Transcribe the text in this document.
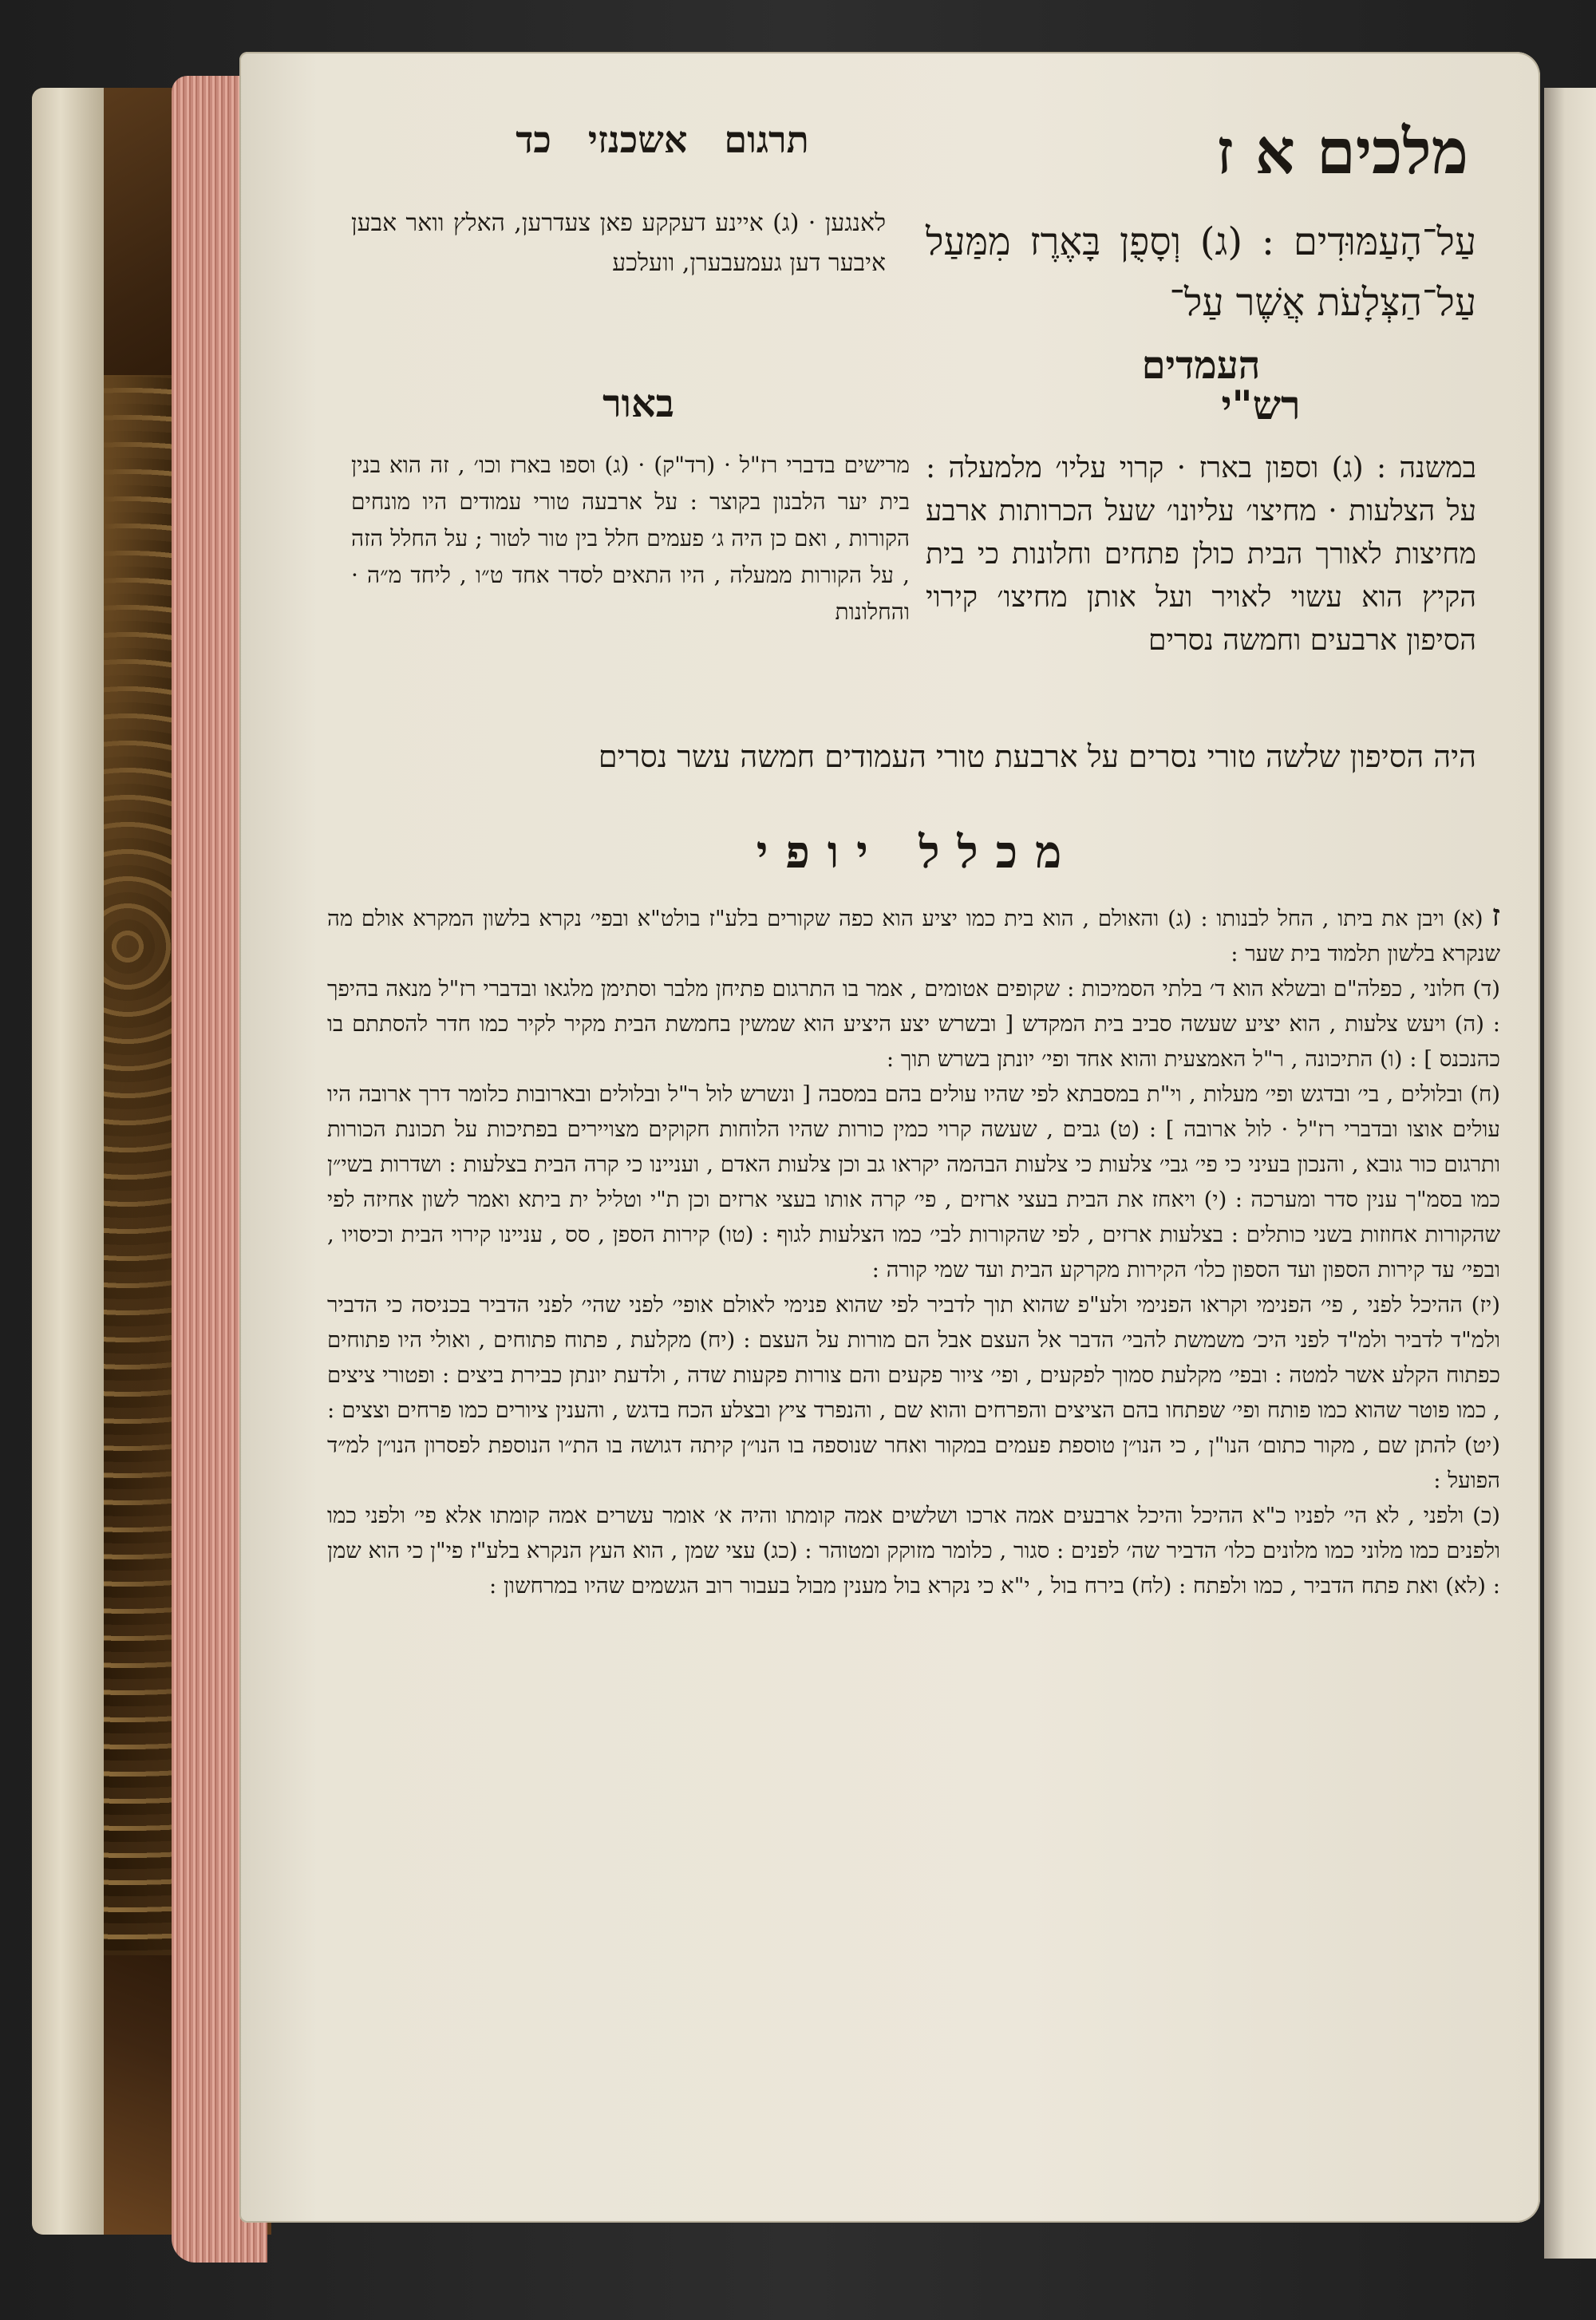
מלכים א ז
תרגום אשכנזי כד
עַל־הָעַמּוּדִים : (ג) וְסָפֻן בָּאֶרֶז מִמַּעַל עַל־הַצְּלָעֹת אֲשֶׁר עַל־
העמדים
לאנגען · (ג) איינע דעקקע פאן צעדרען, האלץ וואר אבען איבער דען געמעבערן, וועלכע
רש"י
באור
במשנה : (ג) וספון בארז · קרוי עליו׳ מלמעלה : על הצלעות · מחיצו׳ עליונו׳ שעל הכרותות ארבע מחיצות לאורך הבית כולן פתחים וחלונות כי בית הקיץ הוא עשוי לאויר ועל אותן מחיצו׳ קירוי הסיפון ארבעים וחמשה נסרים
מרישים בדברי רז"ל · (רד"ק) · (ג) וספו בארז וכו׳ , זה הוא בנין בית יער הלבנון בקוצר : על ארבעה טורי עמודים היו מונחים הקורות , ואם כן היה ג׳ פעמים חלל בין טור לטור ; על החלל הזה , על הקורות ממעלה , היו התאים לסדר אחד ט״ו , ליחד מ״ה · והחלונות
היה הסיפון שלשה טורי נסרים על ארבעת טורי העמודים חמשה עשר נסרים
מכלל יופי

ז (א) ויבן את ביתו , החל לבנותו : (ג) והאולם , הוא בית כמו יציע הוא כפה שקורים בלע"ז בולט"א ובפי׳ נקרא בלשון המקרא אולם מה שנקרא בלשון תלמוד בית שער :

(ד) חלוני , כפלה"ם ובשלא הוא ד׳ בלתי הסמיכות : שקופים אטומים , אמר בו התרגום פתיחן מלבר וסתימן מלגאו ובדברי רז"ל מנאה בהיפך : (ה) ויעש צלעות , הוא יציע שעשה סביב בית המקדש [ ובשרש יצע היציע הוא שמשין בחמשת הבית מקיר לקיר כמו חדר להסתתם בו כהנכנס ] : (ו) התיכונה , ר"ל האמצעית והוא אחד ופי׳ יונתן בשרש תוך :

(ח) ובלולים , בי׳ ובדגש ופי׳ מעלות , וי"ת במסבתא לפי שהיו עולים בהם במסבה [ ונשרש לול ר"ל ובלולים ובארובות כלומר דרך ארובה היו עולים אוצו ובדברי רז"ל · לול ארובה ] : (ט) גבים , שעשה קרוי כמין כורות שהיו הלוחות חקוקים מצויירים בפתיכות על תכונת הכורות ותרגום כור גובא , והנכון בעיני כי פי׳ גבי׳ צלעות כי צלעות הבהמה יקראו גב וכן צלעות האדם , ועניינו כי קרה הבית בצלעות : ושדרות בשי״ן כמו בסמ"ך ענין סדר ומערכה : (י) ויאחז את הבית בעצי ארזים , פי׳ קרה אותו בעצי ארזים וכן ת"י וטליל ית ביתא ואמר לשון אחיזה לפי שהקורות אחוזות בשני כותלים : בצלעות ארזים , לפי שהקורות לבי׳ כמו הצלעות לגוף : (טו) קירות הספן , סס , עניינו קירוי הבית וכיסויו , ובפי׳ עד קירות הספון ועד הספון כלו׳ הקירות מקרקע הבית ועד שמי קורה :

(יז) ההיכל לפני , פי׳ הפנימי וקראו הפנימי ולע"פ שהוא תוך לדביר לפי שהוא פנימי לאולם אופי׳ לפני שהי׳ לפני הדביר בכניסה כי הדביר ולמ"ד לדביר ולמ"ד לפני היכ׳ משמשת להבי׳ הדבר אל העצם אבל הם מורות על העצם : (יח) מקלעת , פתוח פתוחים , ואולי היו פתוחים כפתוח הקלע אשר למטה : ובפי׳ מקלעת סמוך לפקעים , ופי׳ ציור פקעים והם צורות פקעות שדה , ולדעת יונתן כבירת ביצים : ופטורי ציצים , כמו פוטר שהוא כמו פותח ופי׳ שפתחו בהם הציצים והפרחים והוא שם , והנפרד ציץ ובצלע הכח בדגש , והענין ציורים כמו פרחים וצצים : (יט) להתן שם , מקור כתום׳ הנו"ן , כי הנו״ן טוספת פעמים במקור ואחר שנוספה בו הנו״ן קיתה דגושה בו הת״ו הנוספת לפסרון הנו״ן למ״ד הפועל :

(כ) ולפני , לא הי׳ לפניו כ"א ההיכל והיכל ארבעים אמה ארכו ושלשים אמה קומתו והיה א׳ אומר עשרים אמה קומתו אלא פי׳ ולפני כמו ולפנים כמו מלוני כמו מלונים כלו׳ הדביר שה׳ לפנים : סגור , כלומר מזוקק ומטוהר : (כג) עצי שמן , הוא העץ הנקרא בלע"ז פי"ן כי הוא שמן : (לא) ואת פתח הדביר , כמו ולפתח : (לח) בירח בול , י"א כי נקרא בול מענין מבול בעבור רוב הגשמים שהיו במרחשון :
